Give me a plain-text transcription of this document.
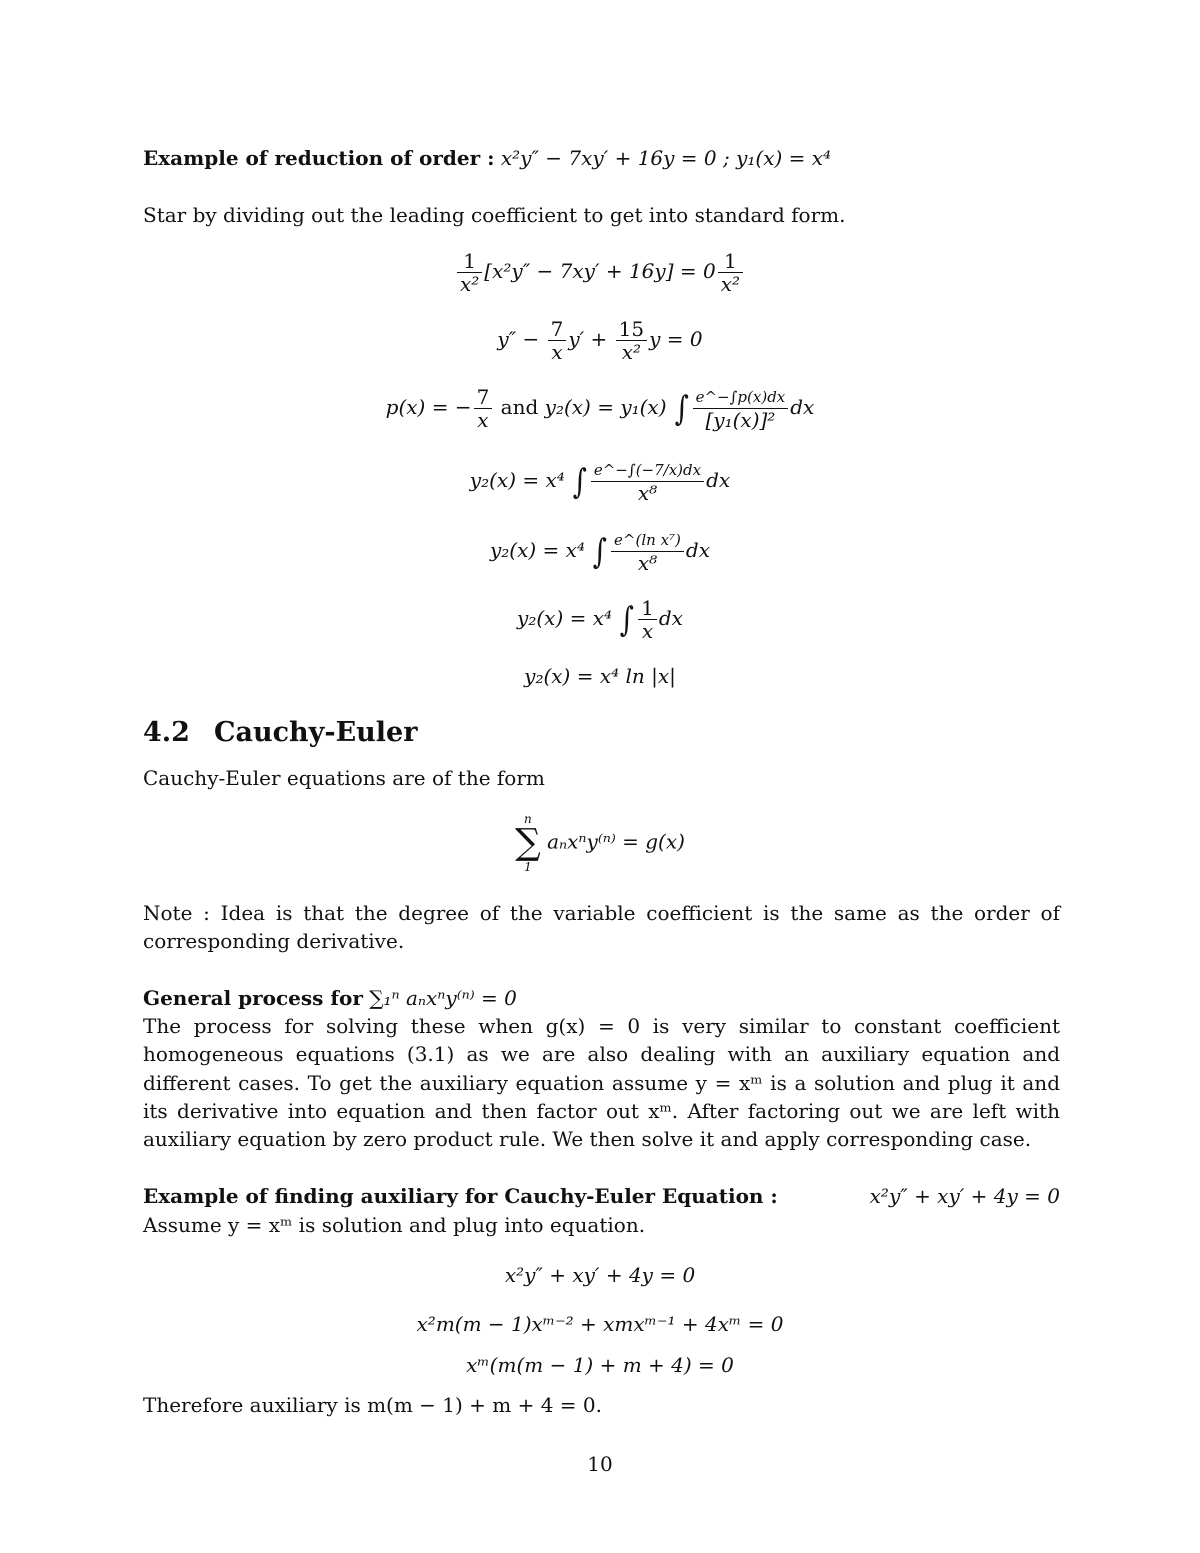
Example of reduction of order : x²y″ − 7xy′ + 16y = 0 ; y₁(x) = x⁴
Star by dividing out the leading coefficient to get into standard form.
$\frac{1}{\text{x²}} [x^2y'' - 7xy' + 16y] = 0 \frac{1}{\text{x²}}$
$y'' - \frac{7}{x} y' + \frac{15}{\text{x²}}$ y = 0
p(x) = − $\frac{7}{x}$ and y₂(x) = y₁(x) ∫ $\frac{e\^{}-\int p(x)dx}{\text{[y₁(x)]²}}$ dx
y₂(x) = x⁴ ∫ $\frac{e\^{}-\int(-7/x)dx}{\text{x⁸}}$ dx
y₂(x) = x⁴ ∫ $\frac{\text{e\textasciicircum{}(ln x⁷)}}{\text{x⁸}}$ dx
y₂(x) = x⁴ ∫ $\frac{1}{x}$ dx
y₂(x) = x⁴ ln |x|
4.2 Cauchy-Euler
Cauchy-Euler equations are of the form
n
∑
1
aₙxⁿy⁽ⁿ⁾ = g(x)
Note : Idea is that the degree of the variable coefficient is the same as the order of corresponding derivative.
General process for ∑₁ⁿ aₙxⁿy⁽ⁿ⁾ = 0
The process for solving these when g(x) = 0 is very similar to constant coefficient homogeneous equations (3.1) as we are also dealing with an auxiliary equation and different cases. To get the auxiliary equation assume y = xᵐ is a solution and plug it and its derivative into equation and then factor out xᵐ. After factoring out we are left with auxiliary equation by zero product rule. We then solve it and apply corresponding case.
Example of finding auxiliary for Cauchy-Euler Equation :	x²y″ + xy′ + 4y = 0
Assume y = xᵐ is solution and plug into equation.
x²y″ + xy′ + 4y = 0
x²m(m − 1)xᵐ⁻² + xmxᵐ⁻¹ + 4xᵐ = 0
xᵐ(m(m − 1) + m + 4) = 0
Therefore auxiliary is m(m − 1) + m + 4 = 0.
10
